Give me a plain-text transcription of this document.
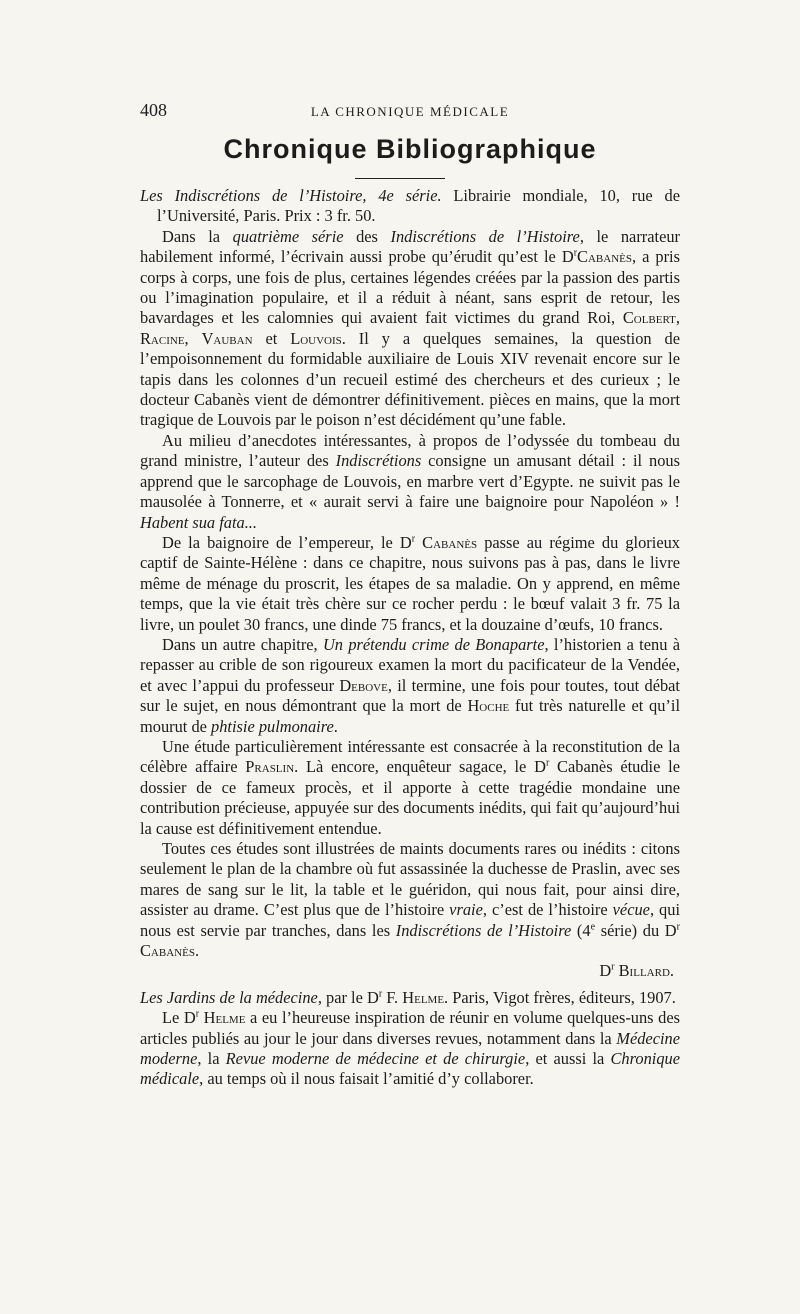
408	LA CHRONIQUE MÉDICALE
Chronique Bibliographique

Les Indiscrétions de l’Histoire, 4e série. Librairie mondiale, 10, rue de l’Université, Paris. Prix : 3 fr. 50.

Dans la quatrième série des Indiscrétions de l’Histoire, le narrateur habilement informé, l’écrivain aussi probe qu’érudit qu’est le $D^rCabanès$, a pris corps à corps, une fois de plus, certaines légendes créées par la passion des partis ou l’imagination populaire, et il a réduit à néant, sans esprit de retour, les bavardages et les calomnies qui avaient fait victimes du grand Roi, Colbert, Racine, Vauban et Louvois. Il y a quelques semaines, la question de l’empoisonnement du formidable auxiliaire de Louis XIV revenait encore sur le tapis dans les colonnes d’un recueil estimé des chercheurs et des curieux ; le docteur Cabanès vient de démontrer définitivement. pièces en mains, que la mort tragique de Louvois par le poison n’est décidément qu’une fable.

Au milieu d’anecdotes intéressantes, à propos de l’odyssée du tombeau du grand ministre, l’auteur des Indiscrétions consigne un amusant détail : il nous apprend que le sarcophage de Louvois, en marbre vert d’Egypte. ne suivit pas le mausolée à Tonnerre, et « aurait servi à faire une baignoire pour Napoléon » ! Habent sua fata...

De la baignoire de l’empereur, le $D^r$ Cabanès passe au régime du glorieux captif de Sainte-Hélène : dans ce chapitre, nous suivons pas à pas, dans le livre même de ménage du proscrit, les étapes de sa maladie. On y apprend, en même temps, que la vie était très chère sur ce rocher perdu : le bœuf valait 3 fr. 75 la livre, un poulet 30 francs, une dinde 75 francs, et la douzaine d’œufs, 10 francs.

Dans un autre chapitre, Un prétendu crime de Bonaparte, l’historien a tenu à repasser au crible de son rigoureux examen la mort du pacificateur de la Vendée, et avec l’appui du professeur Debove, il termine, une fois pour toutes, tout débat sur le sujet, en nous démontrant que la mort de Hoche fut très naturelle et qu’il mourut de phtisie pulmonaire.

Une étude particulièrement intéressante est consacrée à la reconstitution de la célèbre affaire Praslin. Là encore, enquêteur sagace, le $D^r$ Cabanès étudie le dossier de ce fameux procès, et il apporte à cette tragédie mondaine une contribution précieuse, appuyée sur des documents inédits, qui fait qu’aujourd’hui la cause est définitivement entendue.

Toutes ces études sont illustrées de maints documents rares ou inédits : citons seulement le plan de la chambre où fut assassinée la duchesse de Praslin, avec ses mares de sang sur le lit, la table et le guéridon, qui nous fait, pour ainsi dire, assister au drame. C’est plus que de l’histoire vraie, c’est de l’histoire vécue, qui nous est servie par tranches, dans les Indiscrétions de l’Histoire (4e série) du $D^r$ Cabanès.

$D^r$ Billard.

Les Jardins de la médecine, par le $D^r$ F. Helme. Paris, Vigot frères, éditeurs, 1907.

Le $D^r$ Helme a eu l’heureuse inspiration de réunir en volume quelques-uns des articles publiés au jour le jour dans diverses revues, notamment dans la Médecine moderne, la Revue moderne de médecine et de chirurgie, et aussi la Chronique médicale, au temps où il nous faisait l’amitié d’y collaborer.
